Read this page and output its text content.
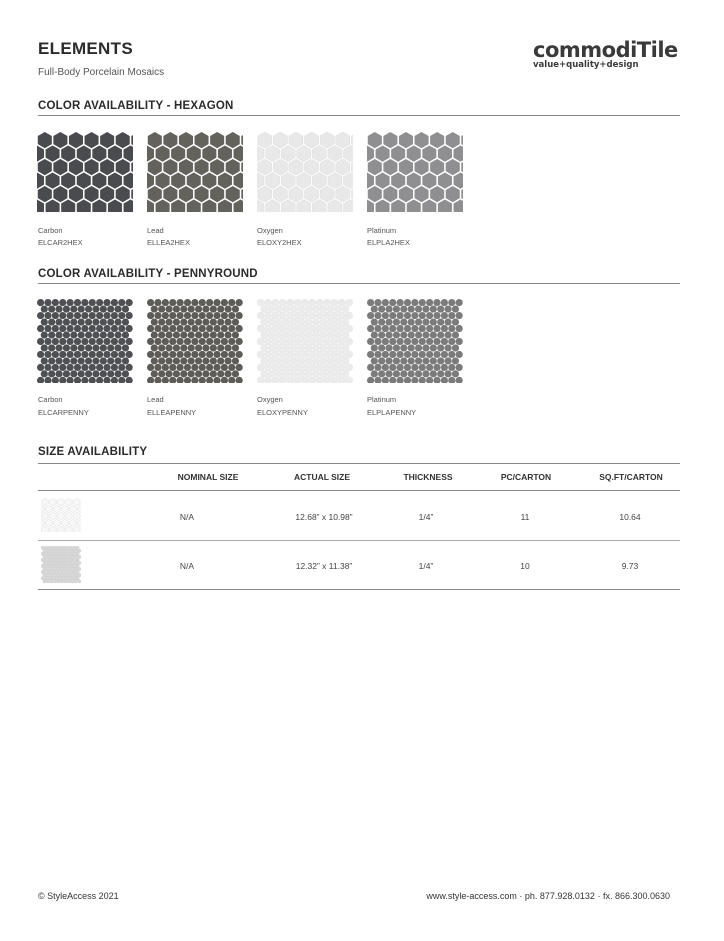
ELEMENTS
Full-Body Porcelain Mosaics
commodiTile
value+quality+design
COLOR AVAILABILITY - HEXAGON
Carbon
ELCAR2HEX
Lead
ELLEA2HEX
Oxygen
ELOXY2HEX
Platinum
ELPLA2HEX
COLOR AVAILABILITY - PENNYROUND
Carbon
ELCARPENNY
Lead
ELLEAPENNY
Oxygen
ELOXYPENNY
Platinum
ELPLAPENNY
SIZE AVAILABILITY
NOMINAL SIZE	ACTUAL SIZE	THICKNESS	PC/CARTON	SQ.FT/CARTON
N/A	12.68” x 10.98”	1/4”	11	10.64
N/A	12.32” x 11.38”	1/4”	10	9.73
© StyleAccess 2021	www.style-access.com · ph. 877.928.0132 · fx. 866.300.0630
